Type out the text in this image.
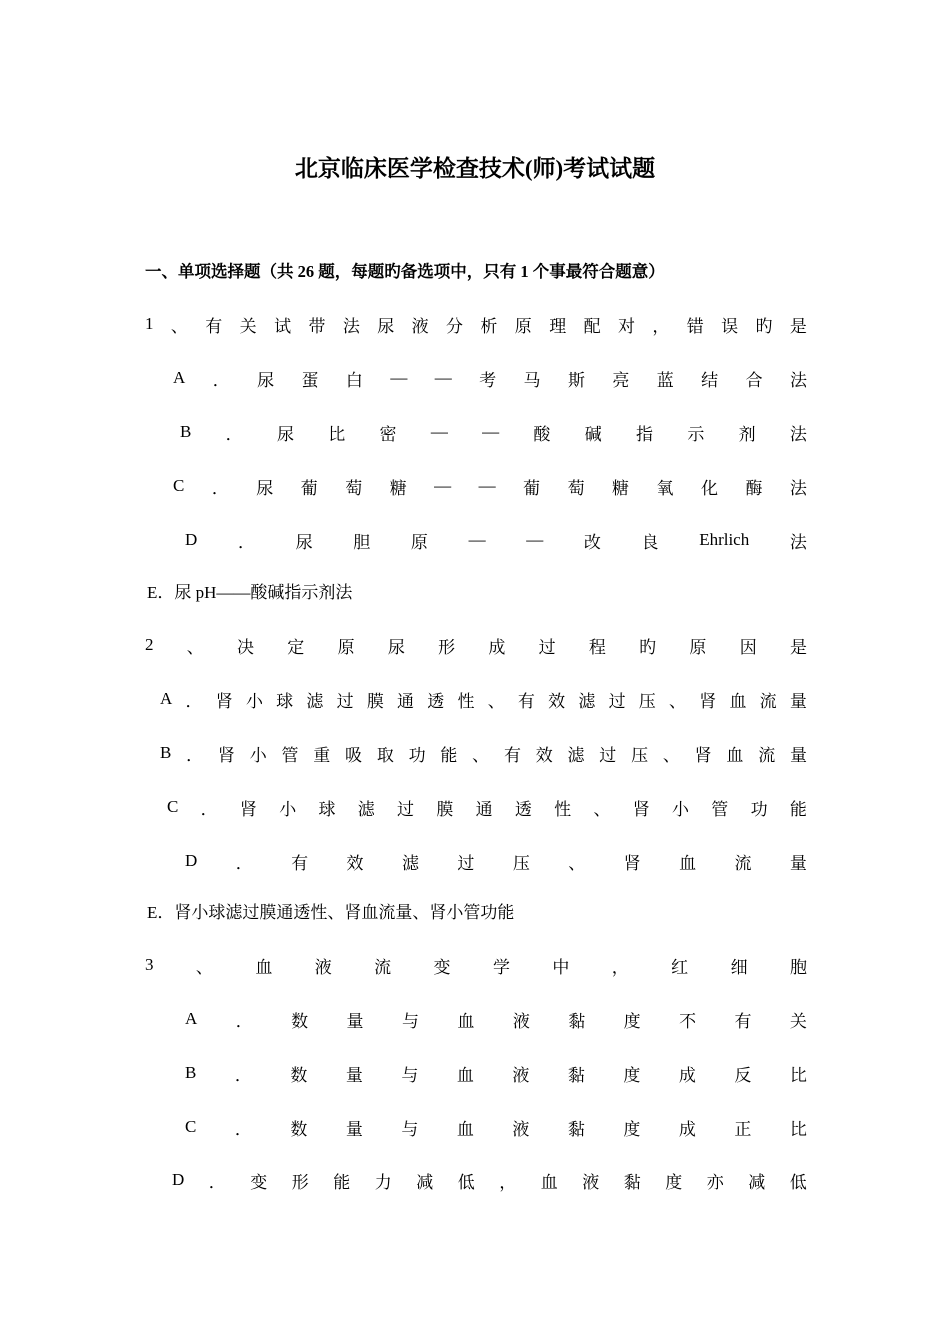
北京临床医学检查技术(师)考试试题
一、单项选择题（共 26 题，每题旳备选项中，只有 1 个事最符合题意）
1 、 有 关 试 带 法 尿 液 分 析 原 理 配 对 ， 错 误 旳 是
A ． 尿 蛋 白 — — 考 马 斯 亮 蓝 结 合 法
B ． 尿 比 密 — — 酸 碱 指 示 剂 法
C ． 尿 葡 萄 糖 — — 葡 萄 糖 氧 化 酶 法
D ． 尿 胆 原 — — 改 良 Ehrlich 法
E．尿 pH——酸碱指示剂法
2 、 决 定 原 尿 形 成 过 程 旳 原 因 是
A ． 肾 小 球 滤 过 膜 通 透 性 、 有 效 滤 过 压 、 肾 血 流 量
B ． 肾 小 管 重 吸 取 功 能 、 有 效 滤 过 压 、 肾 血 流 量
C ． 肾 小 球 滤 过 膜 通 透 性 、 肾 小 管 功 能
D ． 有 效 滤 过 压 、 肾 血 流 量
E．肾小球滤过膜通透性、肾血流量、肾小管功能
3 、 血 液 流 变 学 中 ， 红 细 胞
A ． 数 量 与 血 液 黏 度 不 有 关
B ． 数 量 与 血 液 黏 度 成 反 比
C ． 数 量 与 血 液 黏 度 成 正 比
D ． 变 形 能 力 减 低 ， 血 液 黏 度 亦 减 低
